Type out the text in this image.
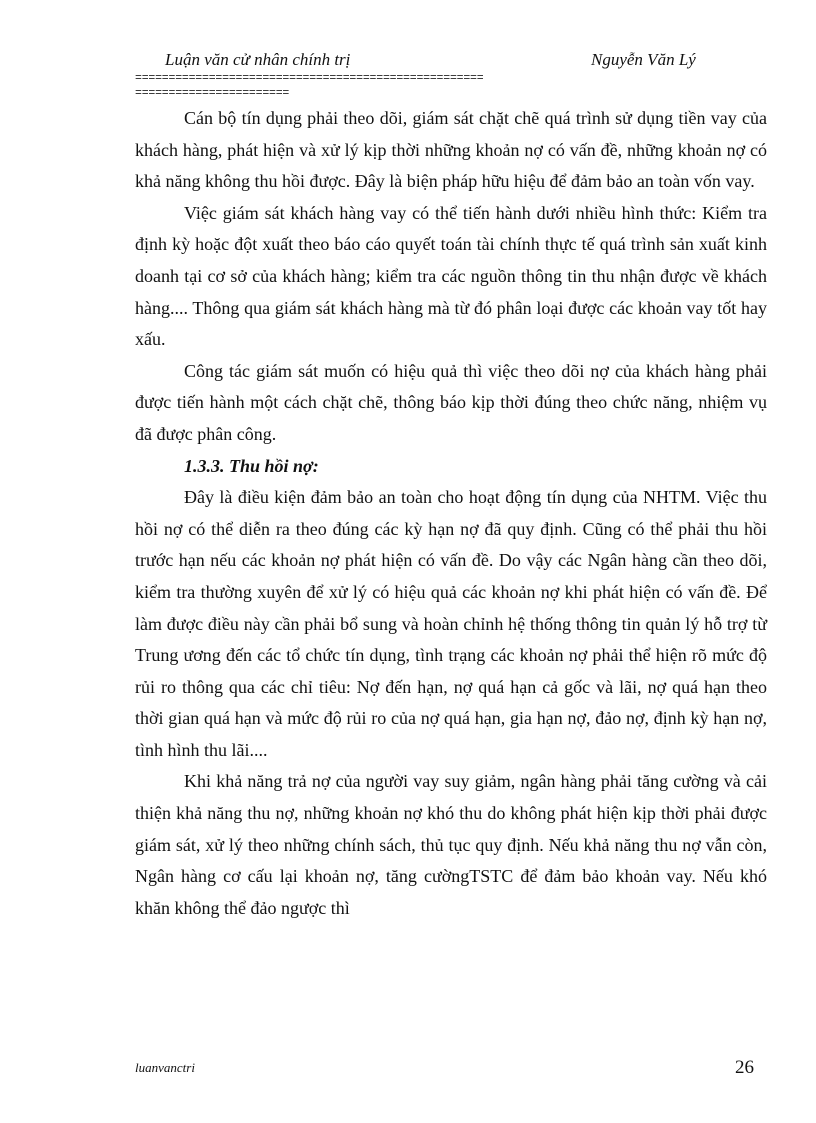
Luận văn cử nhân chính trị	Nguyễn Văn Lý
====================================================
=======================

Cán bộ tín dụng phải theo dõi, giám sát chặt chẽ quá trình sử dụng tiền vay của khách hàng, phát hiện và xử lý kịp thời những khoản nợ có vấn đề, những khoản nợ có khả năng không thu hồi được. Đây là biện pháp hữu hiệu để đảm bảo an toàn vốn vay.

Việc giám sát khách hàng vay có thể tiến hành dưới nhiều hình thức: Kiểm tra định kỳ hoặc đột xuất theo báo cáo quyết toán tài chính thực tế quá trình sản xuất kinh doanh tại cơ sở của khách hàng; kiểm tra các nguồn thông tin thu nhận được về khách hàng.... Thông qua giám sát khách hàng mà từ đó phân loại được các khoản vay tốt hay xấu.

Công tác giám sát muốn có hiệu quả thì việc theo dõi nợ của khách hàng phải được tiến hành một cách chặt chẽ, thông báo kịp thời đúng theo chức năng, nhiệm vụ đã được phân công.

1.3.3. Thu hồi nợ:

Đây là điều kiện đảm bảo an toàn cho hoạt động tín dụng của NHTM. Việc thu hồi nợ có thể diễn ra theo đúng các kỳ hạn nợ đã quy định. Cũng có thể phải thu hồi trước hạn nếu các khoản nợ phát hiện có vấn đề. Do vậy các Ngân hàng cần theo dõi, kiểm tra thường xuyên để xử lý có hiệu quả các khoản nợ khi phát hiện có vấn đề. Để làm được điều này cần phải bổ sung và hoàn chỉnh hệ thống thông tin quản lý hỗ trợ từ Trung ương đến các tổ chức tín dụng, tình trạng các khoản nợ phải thể hiện rõ mức độ rủi ro thông qua các chỉ tiêu: Nợ đến hạn, nợ quá hạn cả gốc và lãi, nợ quá hạn theo thời gian quá hạn và mức độ rủi ro của nợ quá hạn, gia hạn nợ, đảo nợ, định kỳ hạn nợ, tình hình thu lãi....

Khi khả năng trả nợ của người vay suy giảm, ngân hàng phải tăng cường và cải thiện khả năng thu nợ, những khoản nợ khó thu do không phát hiện kịp thời phải được giám sát, xử lý theo những chính sách, thủ tục quy định. Nếu khả năng thu nợ vẫn còn, Ngân hàng cơ cấu lại khoản nợ, tăng cườngTSTC để đảm bảo khoản vay. Nếu khó khăn không thể đảo ngược thì

luanvanctri	26
